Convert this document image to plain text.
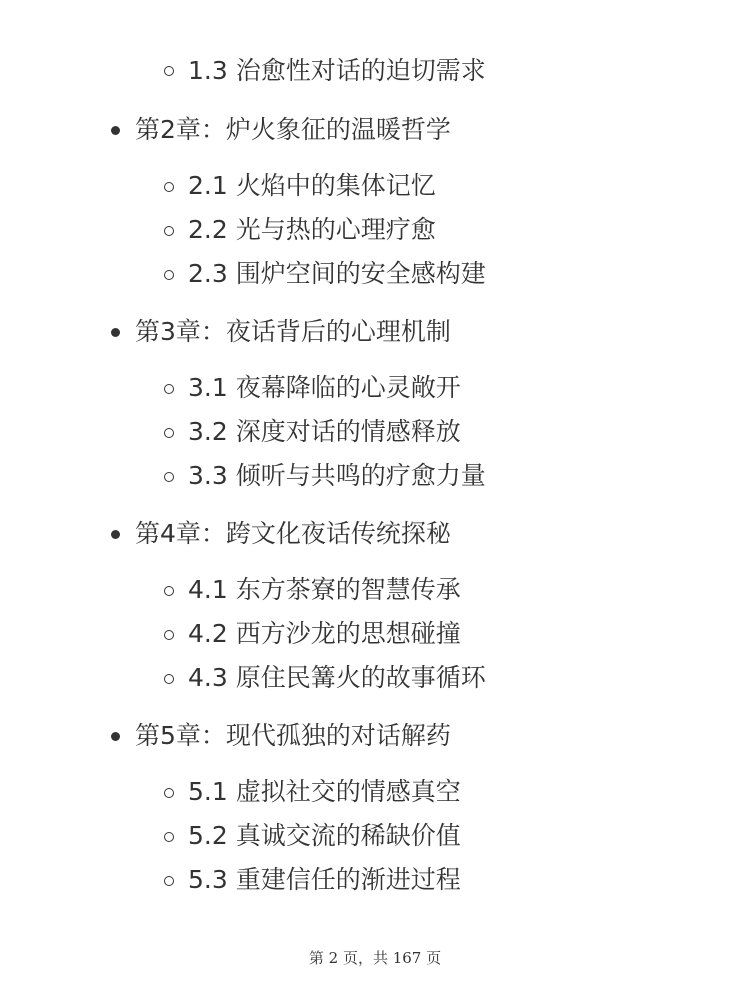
1.3 治愈性对话的迫切需求
第2章：炉火象征的温暖哲学
2.1 火焰中的集体记忆
2.2 光与热的心理疗愈
2.3 围炉空间的安全感构建
第3章：夜话背后的心理机制
3.1 夜幕降临的心灵敞开
3.2 深度对话的情感释放
3.3 倾听与共鸣的疗愈力量
第4章：跨文化夜话传统探秘
4.1 东方茶寮的智慧传承
4.2 西方沙龙的思想碰撞
4.3 原住民篝火的故事循环
第5章：现代孤独的对话解药
5.1 虚拟社交的情感真空
5.2 真诚交流的稀缺价值
5.3 重建信任的渐进过程
第 2 页，共 167 页
